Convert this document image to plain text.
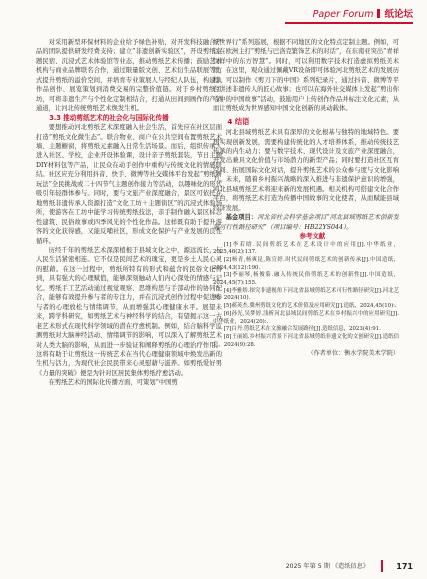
Paper Forum 纸论坛

对采用新型环保材料的企业给予绿色补贴，对开发科技融合产品的团队提供研发经费支持；建立“非遗创新实验区”，开设剪纸主题民宿、沉浸式艺术体验馆等业态，推动剪纸艺术传播；鼓励艺术机构与商业品牌联名合作，通过限量版文创、艺术衍生品联展等方式提升剪纸的溢价空间，并培育专业策展人与经纪人队伍，构建从作品创作、展览策划到消费交易的完整价值链。对于乡村剪纸工坊，可将非遗生产与个性化定制相结合，打通从田间到画作的产销通道，让河北传统剪纸艺术焕发生机。

3.3 推动剪纸艺术的社会化与国际化传播

要想推动河北剪纸艺术深度融入社会生活，首先应在社区层面打造“剪纸文化微生态”。联合物业、商户在公共空间布置剪纸艺术墙、主题橱窗，将剪纸元素融入日常生活场景。而后，组织传承人进入社区、学校，企业开设体验课，设计亲子剪纸套装，节日主题DIY材料包等产品，让民众在动手创作中重构与传统文化的情感联结。社区应充分利用抖音、快手、微博等社交媒体平台发起“剪纸新玩法”全民挑战或二十四节气主题创作接力等活动，以趣味化的形式吸引年轻群体参与。同时，要与文旅产业深度融合，景区可依托在地剪纸非遗传承人资源打造“文化工坊＋主题街区”的沉浸式体验场所，使游客在工坊中能学习传统剪纸技法，亲手制作融入景区标志性建筑、民俗故事或四季风光的个性化作品。这样既有助于提升游客的文化获得感，又能反哺社区，形成文化保护与产业发展的良性循环。

历经千年的剪纸艺术深深植根于县域文化之中，源远流长，与人民生活紧密相连。它不仅是民间艺术的瑰宝，更是乡土人民心灵的慰藉。在这一过程中，剪纸所特有的形式和蕴含的民俗文化得到，具有强大的心理赋值，能够深刻触动人们内心深处的情感与记忆。剪纸手工艺活动通过视觉观察、思维构思与手部动作的协同配合，能够有效提升参与者的专注力，并在沉浸式创作过程中促进参与者的心理放松与情绪调节，从而增强其心理健康水平。展望未来，跨学科研究，如剪纸艺术与神经科学的结合，有望揭示这一古老艺术形式在现代科学领域的潜在疗愈机制。例如，结合脑科学监测剪纸对大脑神经活动、情绪调节的影响，可以深入了解剪纸艺术对人类大脑的影响，从而进一步验证和阐释剪纸的心理治疗作用。这将有助于让剪纸这一传统艺术在当代心理健康领域中焕发出新的生机与活力，为现代社会民民带来心灵慰藉与滋养。如剪纸爱好男《力量的突破》便是为针对区居民集体剪纸疗愈活动。

在剪纸艺术的国际化传播方面，可策划“中国剪

纸世界行”系列巡展，根据不同地区的文化特点定制主题。例如，可以在欧洲主打“剪纸与巴洛克繁饰艺术的对话”，在东南亚突出“青祥纹样中的东方智慧”。同时，可以利用数字技术打造虚拟剪纸美术馆，在这里，观众通过佩戴VR设备即可体验河北剪纸艺术的发展历程；可以制作《剪刀下的中国》系列纪录片，通过抖音、微博等平台讲述非遗传人的匠心故事；也可以在海外社交媒体上发起“剪出你心中的中国故事”活动，鼓励用户上传创作作品并标注文化元素，从而让剪纸成为世界感知中国文化创新的灵动载体。

4 结语

河北县域剪纸艺术具有深厚的文化根基与独特的地域特色。要想实现创新发展，需要构建传统化的人才培养体系，推动传统技艺传承的内生动力；要与数字技术、现代设计及文旅产业深度融合，开发出兼具文化价值与市场潜力的新型产品；同时要打造社区互育空间、拓展国际文化对话，提升剪纸艺术的公众参与度与文化影响力。未来，随着乡村振兴战略的深入推进与非遗保护意识的增强，河北县域剪纸艺术将迎来新的发展机遇。相关机构可搭建文化合作平台，将剪纸艺术打造为传播中国故事的文化使者，从而赋能县域经济发展。

基金项目：河北省社会科学基金项目“河北县域剪纸艺术创新发展可行性路径研究”（项目编号：HB22YS044）。

参考文献

[1]李若晗.民间剪纸艺术在艺术设计中的应用[J].中华纸业，2025,46(2):137.

[2]杨青,杨爽昆,陈宣婷.时代民间剪纸艺术的创新传承[J].中国造纸，2024,43(12):190.

[3]李丽琴,杨俊菊.融入传统民俗剪纸艺术的创新性[J].中国造纸，2024,45(7):155.

[4]李雅娇.探究非遗视角下河北省县域剪纸艺术可行性路径研究[J].河北艺术，2024(10).

[5]郝英杰.冀州剪纸文化的艺术价值及应用研究[J].造纸，2024,45(10):.

[6]孙光,吴梦婷.浅析河北县域民间剪纸艺术在乡村振兴中的应用研究[J].中华纸业，2024(20):.

[7]白丹.剪纸艺术在文旅融合发展路径[J].造纸信息，2023(4):91.

[8]王丽娟.乡村振兴背景下河北省县域剪纸非遗文化的文创研究[J].造纸信息，2024(9):28.

（作者单位：衡水学院美术学院）

2025 年第 5 期 《造纸信息》	171
